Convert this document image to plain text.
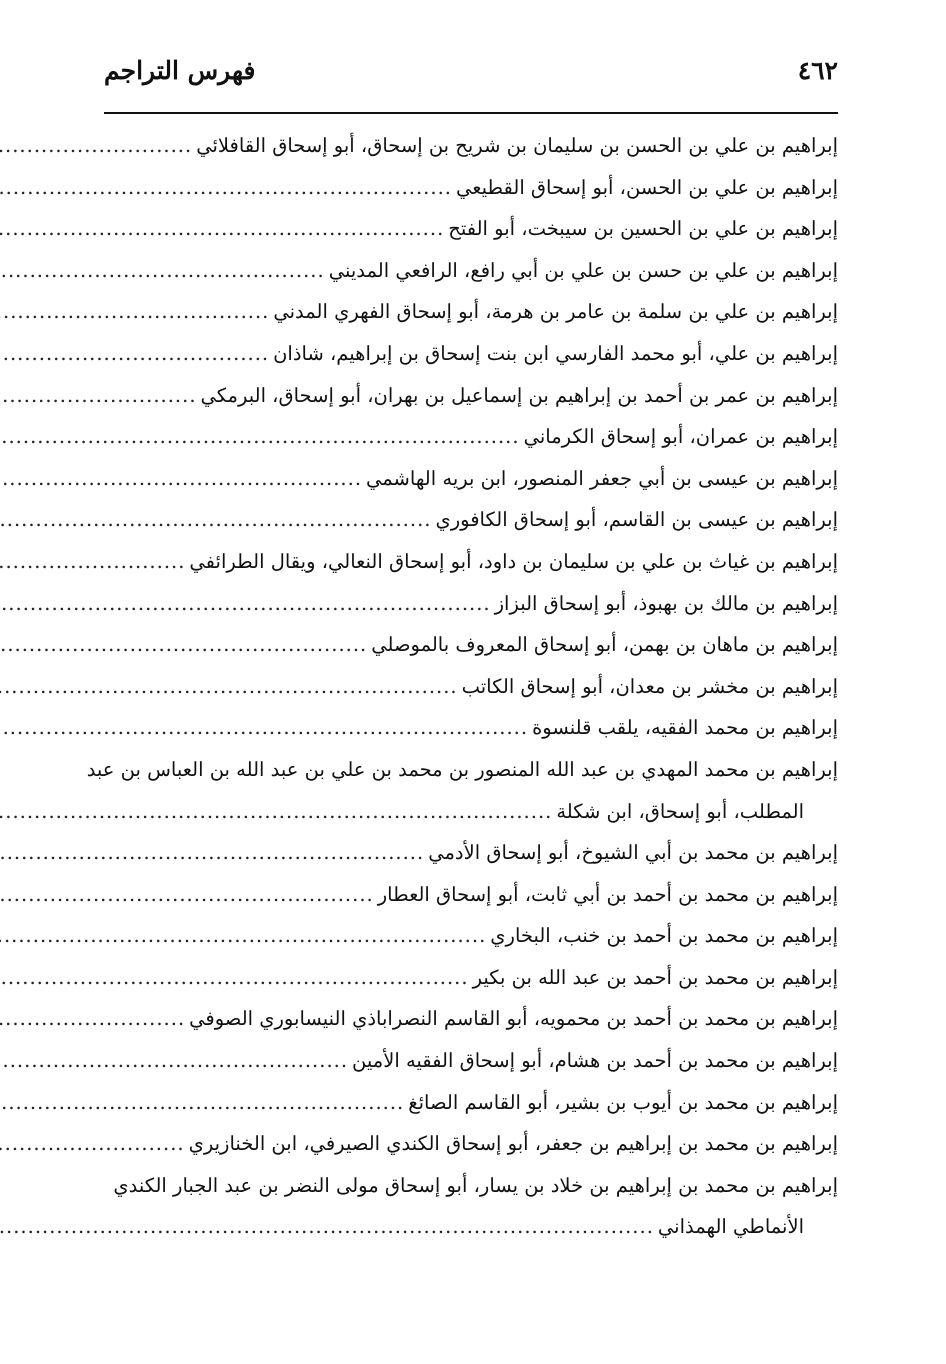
٤٦٢
فهرس التراجم
إبراهيم بن علي بن الحسن بن سليمان بن شريح بن إسحاق، أبو إسحاق القافلائي
.....
إبراهيم بن علي بن الحسن، أبو إسحاق القطيعي
.....
إبراهيم بن علي بن الحسين بن سيبخت، أبو الفتح
.....
إبراهيم بن علي بن حسن بن علي بن أبي رافع، الرافعي المديني
.....
إبراهيم بن علي بن سلمة بن عامر بن هرمة، أبو إسحاق الفهري المدني
.....
إبراهيم بن علي، أبو محمد الفارسي ابن بنت إسحاق بن إبراهيم، شاذان
.....
إبراهيم بن عمر بن أحمد بن إبراهيم بن إسماعيل بن بهران، أبو إسحاق، البرمكي
.....
إبراهيم بن عمران، أبو إسحاق الكرماني
.....
إبراهيم بن عيسى بن أبي جعفر المنصور، ابن بريه الهاشمي
.....
إبراهيم بن عيسى بن القاسم، أبو إسحاق الكافوري
.....
إبراهيم بن غياث بن علي بن سليمان بن داود، أبو إسحاق النعالي، ويقال الطرائفي
.....
إبراهيم بن مالك بن بهبوذ، أبو إسحاق البزاز
.....
إبراهيم بن ماهان بن بهمن، أبو إسحاق المعروف بالموصلي
.....
إبراهيم بن مخشر بن معدان، أبو إسحاق الكاتب
.....
إبراهيم بن محمد الفقيه، يلقب قلنسوة
.....
إبراهيم بن محمد المهدي بن عبد الله المنصور بن محمد بن علي بن عبد الله بن العباس بن عبد
المطلب، أبو إسحاق، ابن شكلة
.....
إبراهيم بن محمد بن أبي الشيوخ، أبو إسحاق الأدمي
.....
إبراهيم بن محمد بن أحمد بن أبي ثابت، أبو إسحاق العطار
.....
إبراهيم بن محمد بن أحمد بن خنب، البخاري
.....
إبراهيم بن محمد بن أحمد بن عبد الله بن بكير
.....
إبراهيم بن محمد بن أحمد بن محمويه، أبو القاسم النصراباذي النيسابوري الصوفي
.....
إبراهيم بن محمد بن أحمد بن هشام، أبو إسحاق الفقيه الأمين
.....
إبراهيم بن محمد بن أيوب بن بشير، أبو القاسم الصائغ
.....
إبراهيم بن محمد بن إبراهيم بن جعفر، أبو إسحاق الكندي الصيرفي، ابن الخنازيري
.....
إبراهيم بن محمد بن إبراهيم بن خلاد بن يسار، أبو إسحاق مولى النضر بن عبد الجبار الكندي
الأنماطي الهمذاني
.....
